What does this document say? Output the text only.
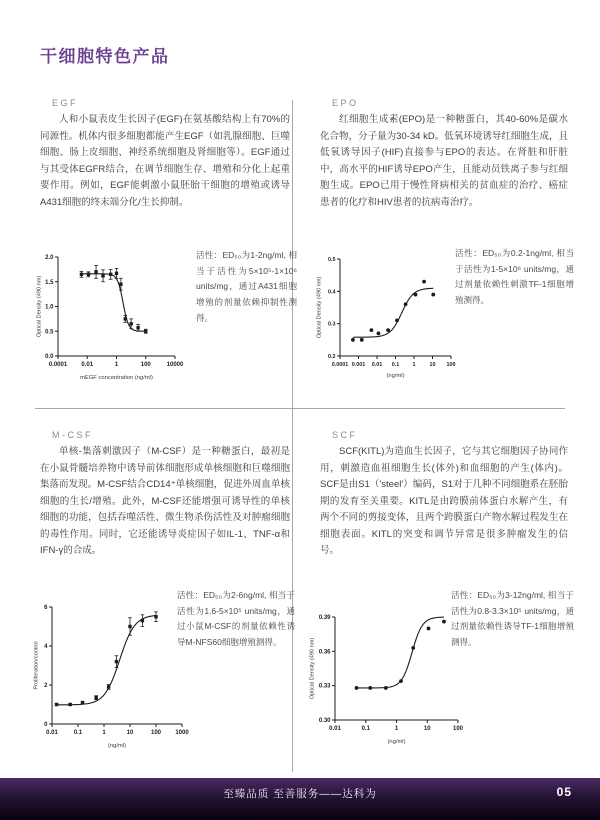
干细胞特色产品
EGF

人和小鼠表皮生长因子(EGF)在氨基酸结构上有70%的同源性。机体内很多细胞都能产生EGF（如乳腺细胞、巨噬细胞、肠上皮细胞、神经系统细胞及肾细胞等）。EGF通过与其受体EGFR结合，在调节细胞生存、增殖和分化上起重要作用。例如，EGF能刺激小鼠胚胎干细胞的增殖或诱导A431细胞的终末端分化/生长抑制。

活性：ED₅₀为1-2ng/ml, 相当于活性为5×10⁵-1×10⁶ units/mg，通过A431细胞增殖的剂量依赖抑制性测得。
0.0
0.5
1.0
1.5
2.0
0.0001 0.01	1	100	10000
mEGF concentration (ng/ml)
Optical Density (490 nm)
EPO

红细胞生成素(EPO)是一种糖蛋白，其40-60%是碳水化合物，分子量为30-34 kD。低氧环境诱导红细胞生成，且低氧诱导因子(HIF)直接参与EPO的表达。在肾脏和肝脏中，高水平的HIF诱导EPO产生，且能动员铁离子参与红细胞生成。EPO已用于慢性肾病相关的贫血症的治疗、癌症患者的化疗和HIV患者的抗病毒治疗。

活性：ED₅₀为0.2-1ng/ml, 相当于活性为1-5×10⁶ units/mg，通过剂量依赖性刺激TF-1细胞增殖测得。
0.2
0.3
0.4
0.5
0.0001 0.001 0.01 0.1 1	10 100
(ng/ml)
Optical Density (490 nm)
M-CSF

单核-集落刺激因子（M-CSF）是一种糖蛋白，最初是在小鼠骨髓培养物中诱导前体细胞形成单核细胞和巨噬细胞集落而发现。M-CSF结合CD14⁺单核细胞，促进外周血单核细胞的生长/增殖。此外，M-CSF还能增强可诱导性的单核细胞的功能，包括吞噬活性、微生物杀伤活性及对肿瘤细胞的毒性作用。同时，它还能诱导炎症因子如IL-1、TNF-α和IFN-γ的合成。

活性：ED₅₀为2-6ng/ml, 相当于活性为1.6-5×10⁵ units/mg，通过小鼠M-CSF的剂量依赖性诱导M-NFS60细胞增殖测得。
0
2
4
6
0.01	0.1	1	10	100 1000
(ng/ml)
Proliferation/control
SCF

SCF(KITL)为造血生长因子，它与其它细胞因子协同作用，刺激造血祖细胞生长(体外)和血细胞的产生(体内)。SCF是由S1（'steel'）编码，S1对于几种不同细胞系在胚胎期的发育至关重要。KITL是由跨膜前体蛋白水解产生，有两个不同的剪接变体，且两个跨膜蛋白产物水解过程发生在细胞表面。KITL的突变和调节异常是很多肿瘤发生的信号。

活性：ED₅₀为3-12ng/ml, 相当于活性为0.8-3.3×10⁵ units/mg，通过剂量依赖性诱导TF-1细胞增殖测得。
0.30
0.33
0.36
0.39
0.01	0.1	1	10	100
(ng/ml)
Optical Density (490 nm)
至臻品质 至善服务——达科为	05
